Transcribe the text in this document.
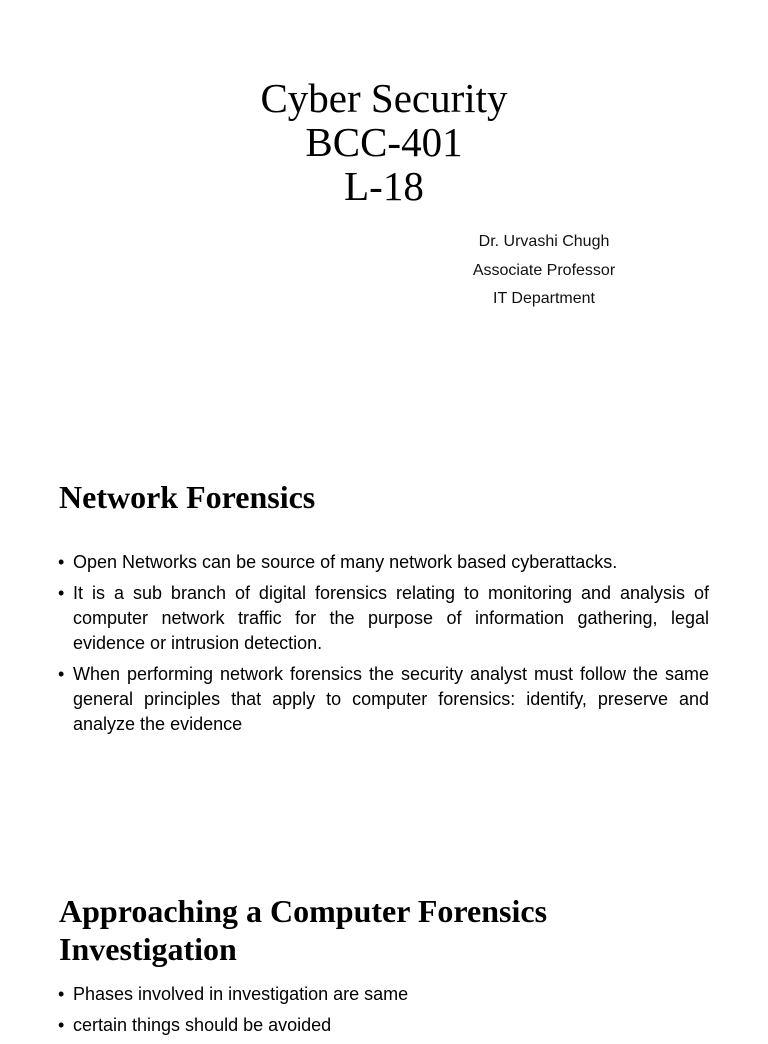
Cyber Security
BCC-401
L-18
Dr. Urvashi Chugh
Associate Professor
IT Department
Network Forensics
• Open Networks can be source of many network based cyberattacks.
• It is a sub branch of digital forensics relating to monitoring and analysis of computer network traffic for the purpose of information gathering, legal evidence or intrusion detection.
• When performing network forensics the security analyst must follow the same general principles that apply to computer forensics: identify, preserve and analyze the evidence
Approaching a Computer Forensics Investigation
• Phases involved in investigation are same
• certain things should be avoided
